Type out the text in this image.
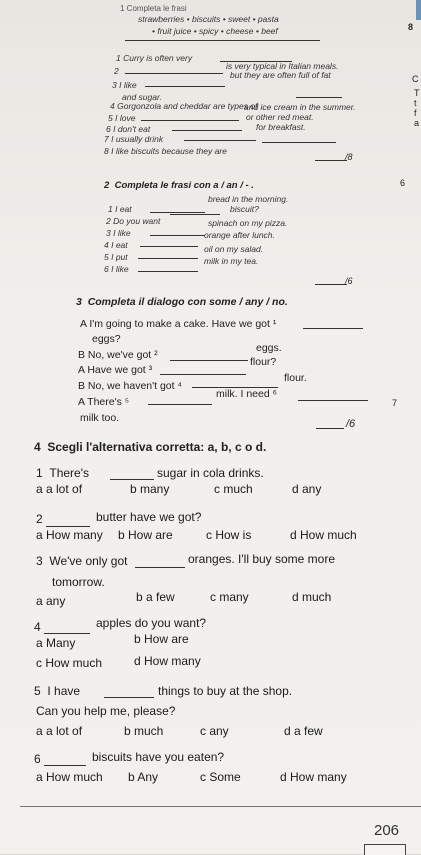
1 Completa le frasi
strawberries • biscuits • sweet • pasta
• fruit juice • spicy • cheese • beef
1 Curry is often very
2	is very typical in Italian meals.
3 I like
but they are often full of fat
and sugar.
4 Gorgonzola and cheddar are types of
5 I love
and ice cream in the summer.
6 I don't eat
or other red meat.
7 I usually drink
for breakfast.
8 I like biscuits because they are
/8
2 Completa le frasi con a / an / - .
1 I eat
bread in the morning.
2 Do you want
biscuit?
3 I like
spinach on my pizza.
4 I eat
orange after lunch.
5 I put
oil on my salad.
6 I like
milk in my tea.
/6
3 Completa il dialogo con some / any / no.
A I'm going to make a cake. Have we got ¹
eggs?
B No, we've got ²
eggs.
A Have we got ³
flour?
B No, we haven't got ⁴
flour.
A There's ⁵
milk. I need ⁶
milk too.	/6
4 Scegli l'alternativa corretta: a, b, c o d.
1 There's	sugar in cola drinks.
a a lot of	b many	c much	d any
2	butter have we got?
a How many b How are	c How is	d How much
3 We've only got	oranges. I'll buy some more
tomorrow.
a any	b a few	c many	d much
4	apples do you want?
a Many	b How are
c How much	d How many
5 I have	things to buy at the shop.
Can you help me, please?
a a lot of	b much	c any	d a few
6	biscuits have you eaten?
a How much b Any	c Some	d How many
206
8
C
T
t
f
a
7
6
